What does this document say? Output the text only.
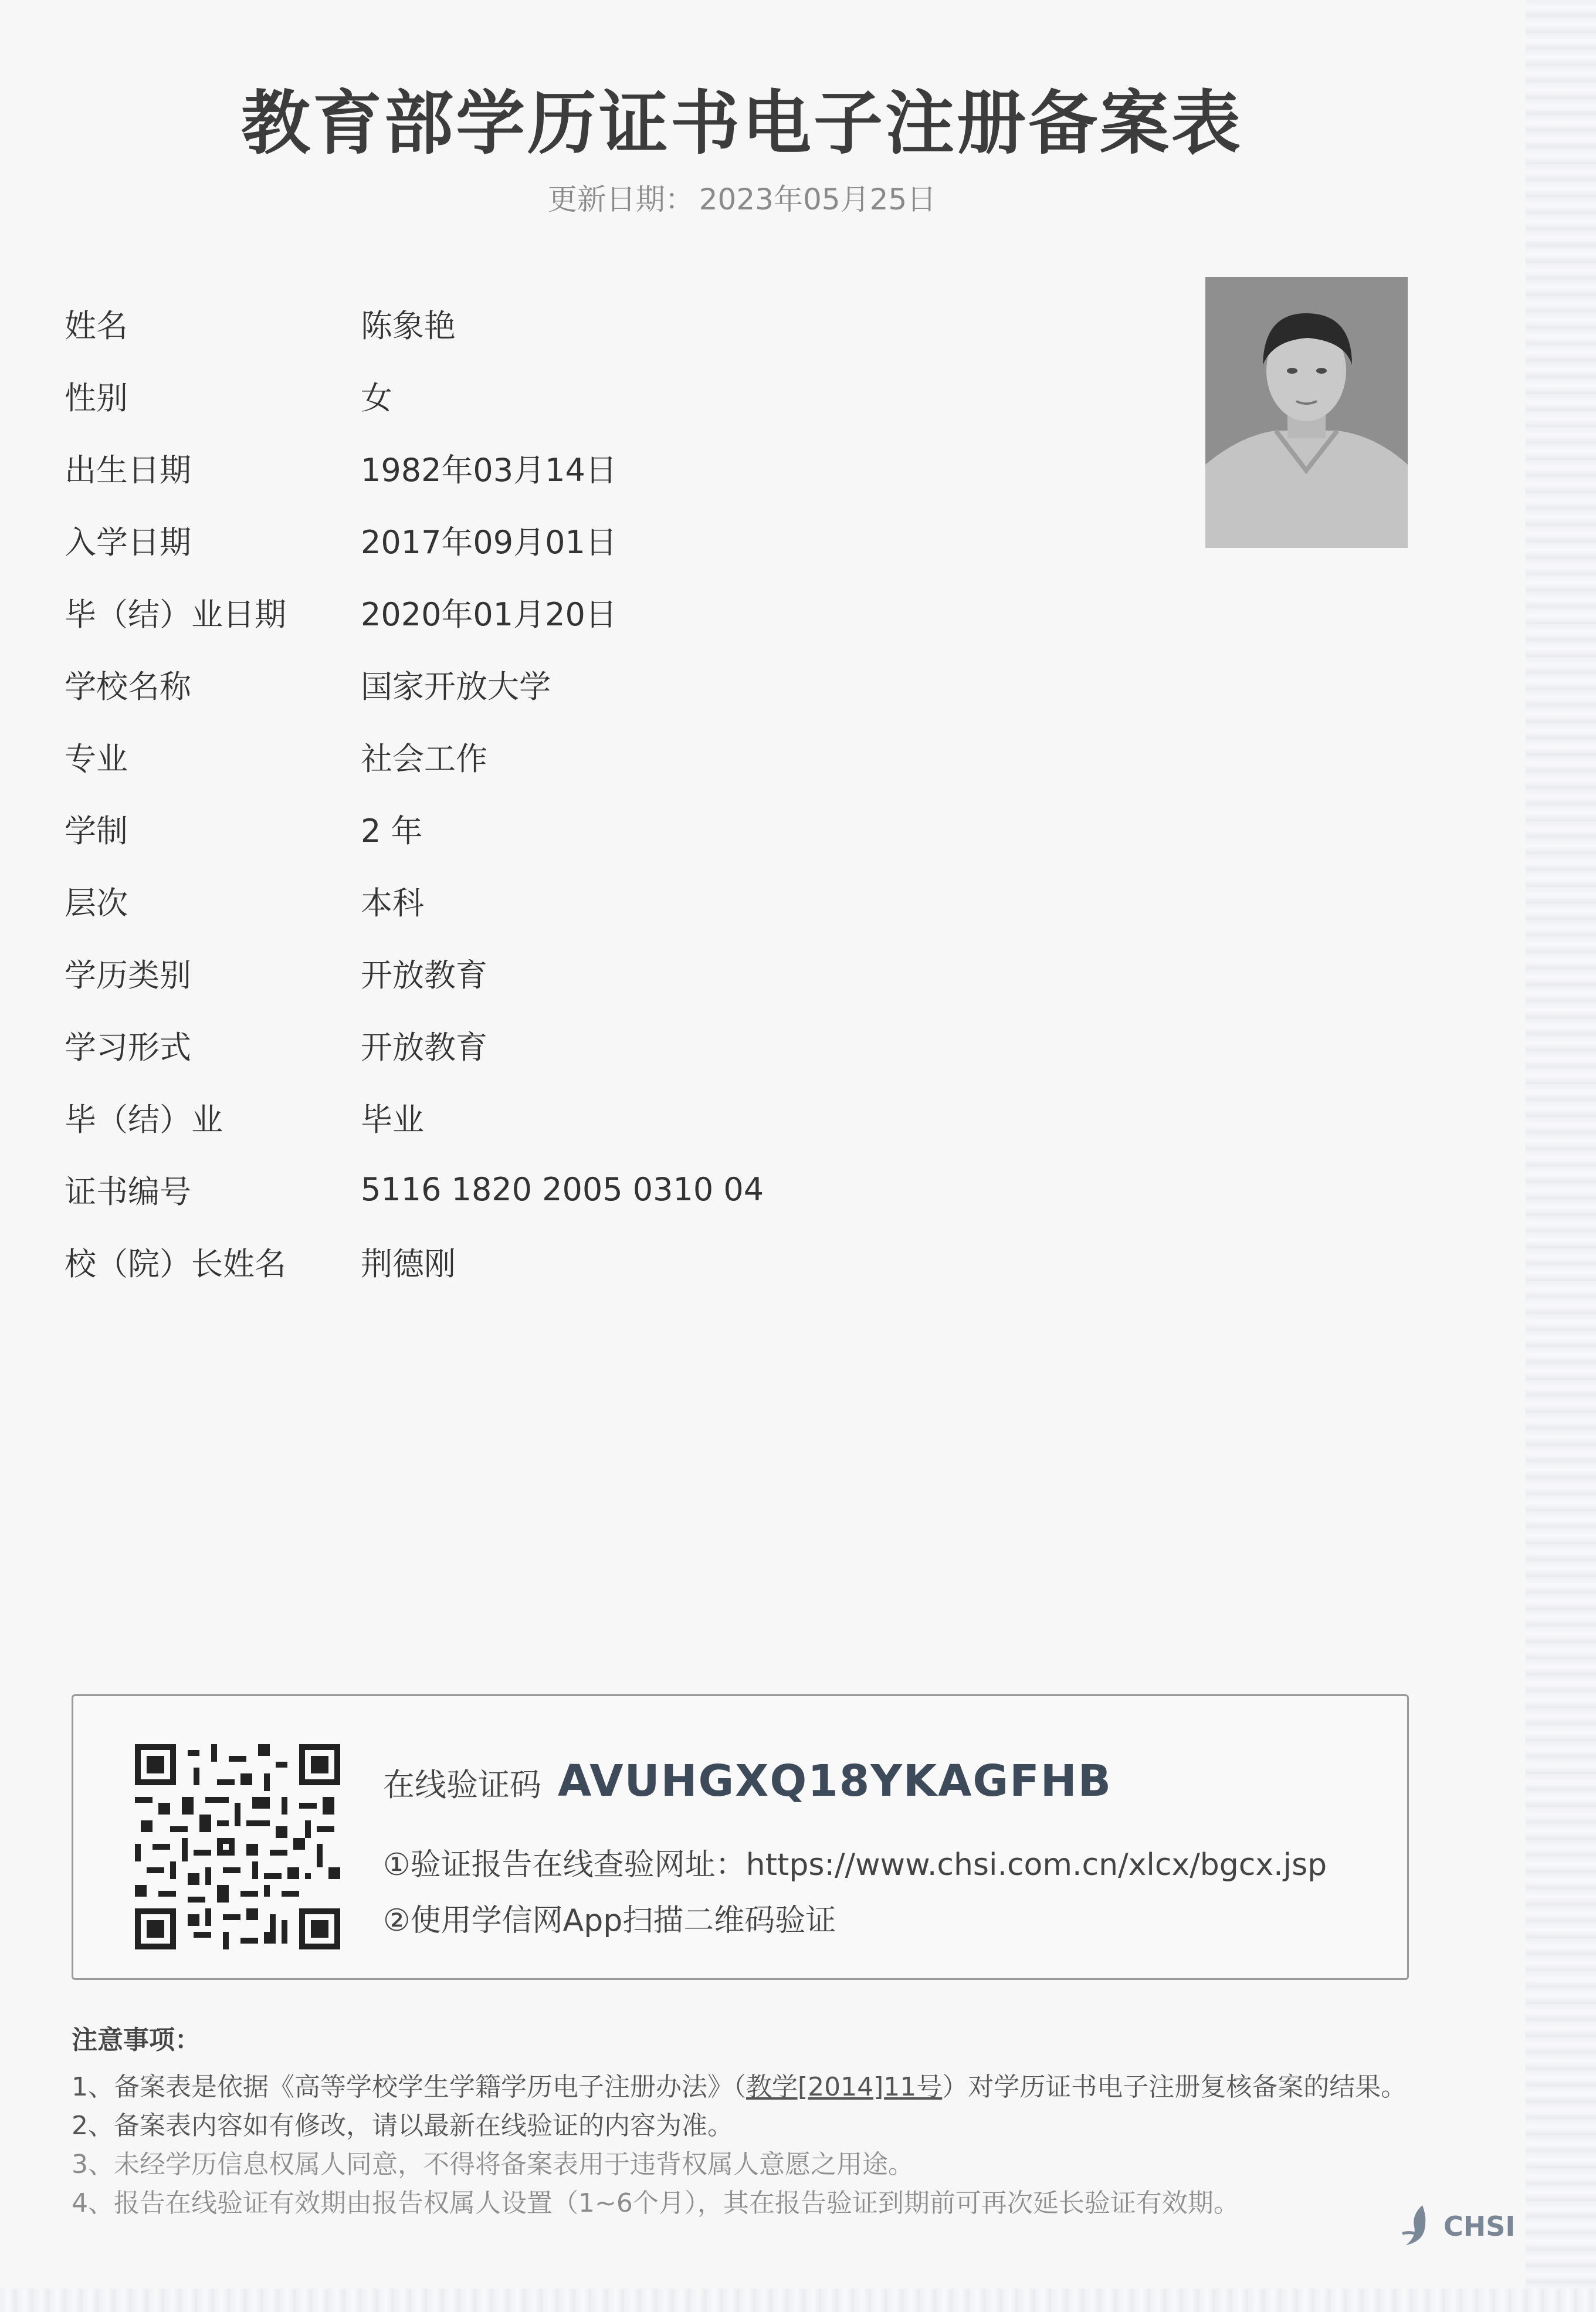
教育部学历证书电子注册备案表
更新日期： 2023年05月25日
姓名	陈象艳
性别	女
出生日期	1982年03月14日
入学日期	2017年09月01日
毕（结）业日期	2020年01月20日
学校名称	国家开放大学
专业	社会工作
学制	2 年
层次	本科
学历类别	开放教育
学习形式	开放教育
毕（结）业	毕业
证书编号	5116 1820 2005 0310 04
校（院）长姓名	荆德刚
在线验证码 AVUHGXQ18YKAGFHB
①验证报告在线查验网址：https://www.chsi.com.cn/xlcx/bgcx.jsp
②使用学信网App扫描二维码验证
注意事项：
1、备案表是依据《高等学校学生学籍学历电子注册办法》（教学[2014]11号）对学历证书电子注册复核备案的结果。
2、备案表内容如有修改，请以最新在线验证的内容为准。
3、未经学历信息权属人同意，不得将备案表用于违背权属人意愿之用途。
4、报告在线验证有效期由报告权属人设置（1~6个月），其在报告验证到期前可再次延长验证有效期。
CHSI
